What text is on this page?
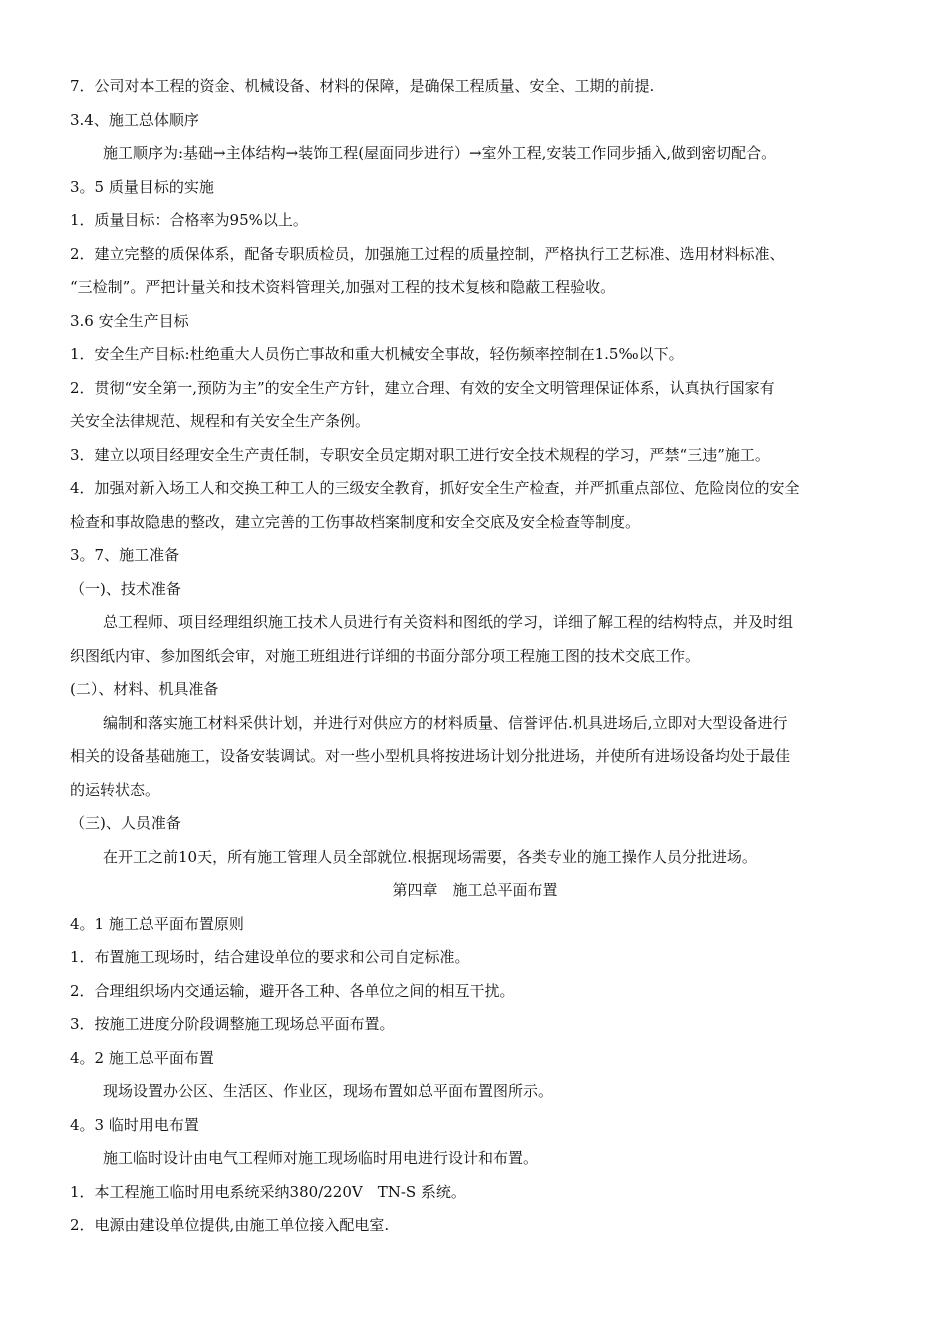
7．公司对本工程的资金、机械设备、材料的保障，是确保工程质量、安全、工期的前提.
3.4、施工总体顺序
施工顺序为:基础→主体结构→装饰工程(屋面同步进行）→室外工程,安装工作同步插入,做到密切配合。
3。5 质量目标的实施
1．质量目标：合格率为95%以上。
2．建立完整的质保体系，配备专职质检员，加强施工过程的质量控制，严格执行工艺标准、选用材料标准、
“三检制”。严把计量关和技术资料管理关,加强对工程的技术复核和隐蔽工程验收。
3.6 安全生产目标
1．安全生产目标:杜绝重大人员伤亡事故和重大机械安全事故，轻伤频率控制在1.5‰以下。
2．贯彻“安全第一,预防为主”的安全生产方针，建立合理、有效的安全文明管理保证体系，认真执行国家有
关安全法律规范、规程和有关安全生产条例。
3．建立以项目经理安全生产责任制，专职安全员定期对职工进行安全技术规程的学习，严禁“三违”施工。
4．加强对新入场工人和交换工种工人的三级安全教育，抓好安全生产检查，并严抓重点部位、危险岗位的安全
检查和事故隐患的整改，建立完善的工伤事故档案制度和安全交底及安全检查等制度。
3。7、施工准备
（一)、技术准备
总工程师、项目经理组织施工技术人员进行有关资料和图纸的学习，详细了解工程的结构特点，并及时组
织图纸内审、参加图纸会审，对施工班组进行详细的书面分部分项工程施工图的技术交底工作。
(二）、材料、机具准备
编制和落实施工材料采供计划，并进行对供应方的材料质量、信誉评估.机具进场后,立即对大型设备进行
相关的设备基础施工，设备安装调试。对一些小型机具将按进场计划分批进场，并使所有进场设备均处于最佳
的运转状态。
（三)、人员准备
在开工之前10天，所有施工管理人员全部就位.根据现场需要，各类专业的施工操作人员分批进场。
第四章　施工总平面布置
4。1 施工总平面布置原则
1．布置施工现场时，结合建设单位的要求和公司自定标准。
2．合理组织场内交通运输，避开各工种、各单位之间的相互干扰。
3．按施工进度分阶段调整施工现场总平面布置。
4。2 施工总平面布置
现场设置办公区、生活区、作业区，现场布置如总平面布置图所示。
4。3 临时用电布置
施工临时设计由电气工程师对施工现场临时用电进行设计和布置。
1．本工程施工临时用电系统采纳380/220V　TN-S 系统。
2．电源由建设单位提供,由施工单位接入配电室.
